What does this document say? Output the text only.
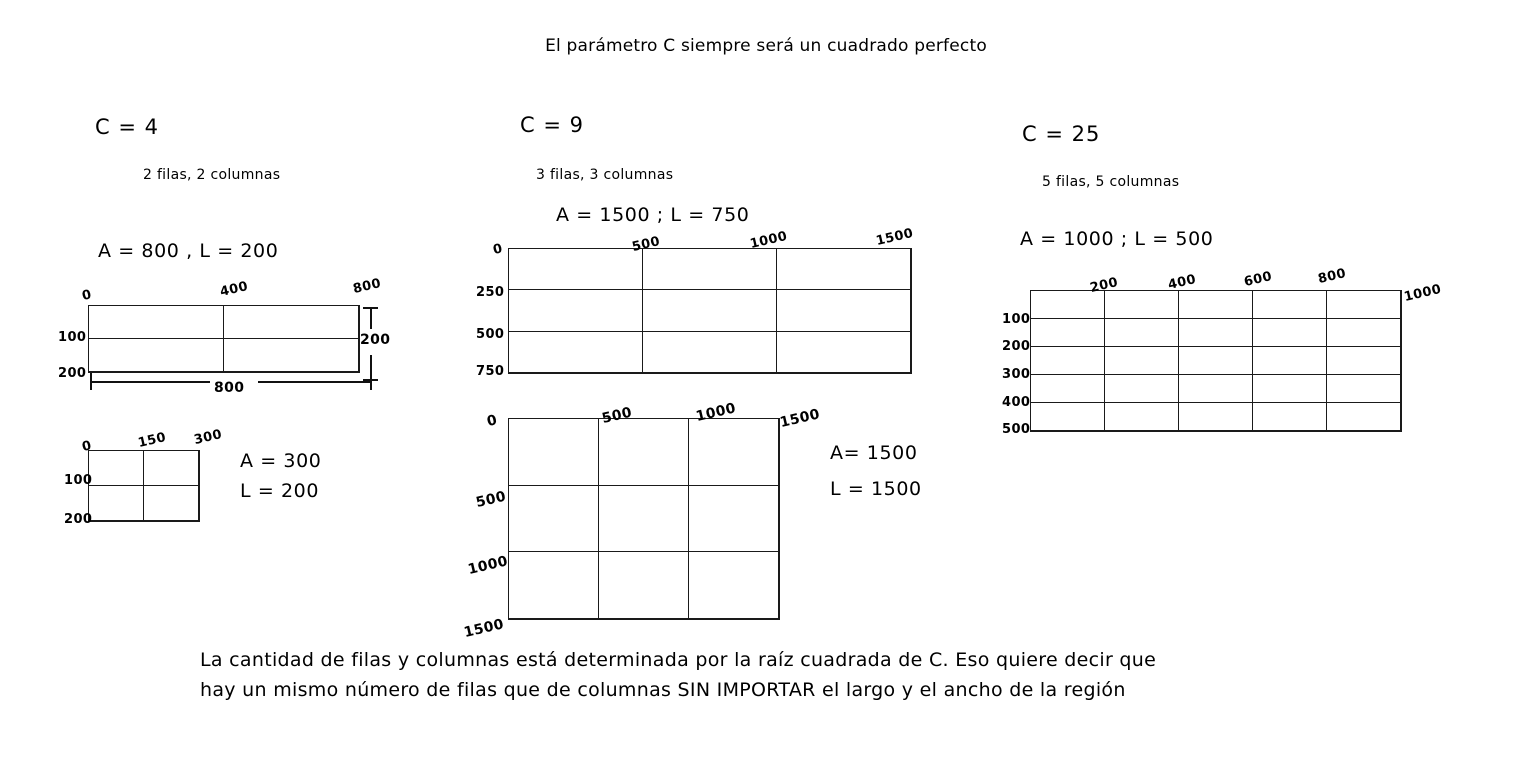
El parámetro C siempre será un cuadrado perfecto
C = 4
2 filas, 2 columnas
A = 800 , L = 200
0	400	800
100
200
800
200
0	150 300
100
200
A = 300
L = 200
C = 9
3 filas, 3 columnas
A = 1500 ; L = 750
0	500	1000	1500
250
500
750
0	500	1000	1500
500
1000
1500
A= 1500
L = 1500
C = 25
5 filas, 5 columnas
A = 1000 ; L = 500
200	400	600	800
1000
100
200
300
400
500
La cantidad de filas y columnas está determinada por la raíz cuadrada de C. Eso quiere decir que
hay un mismo número de filas que de columnas SIN IMPORTAR el largo y el ancho de la región
